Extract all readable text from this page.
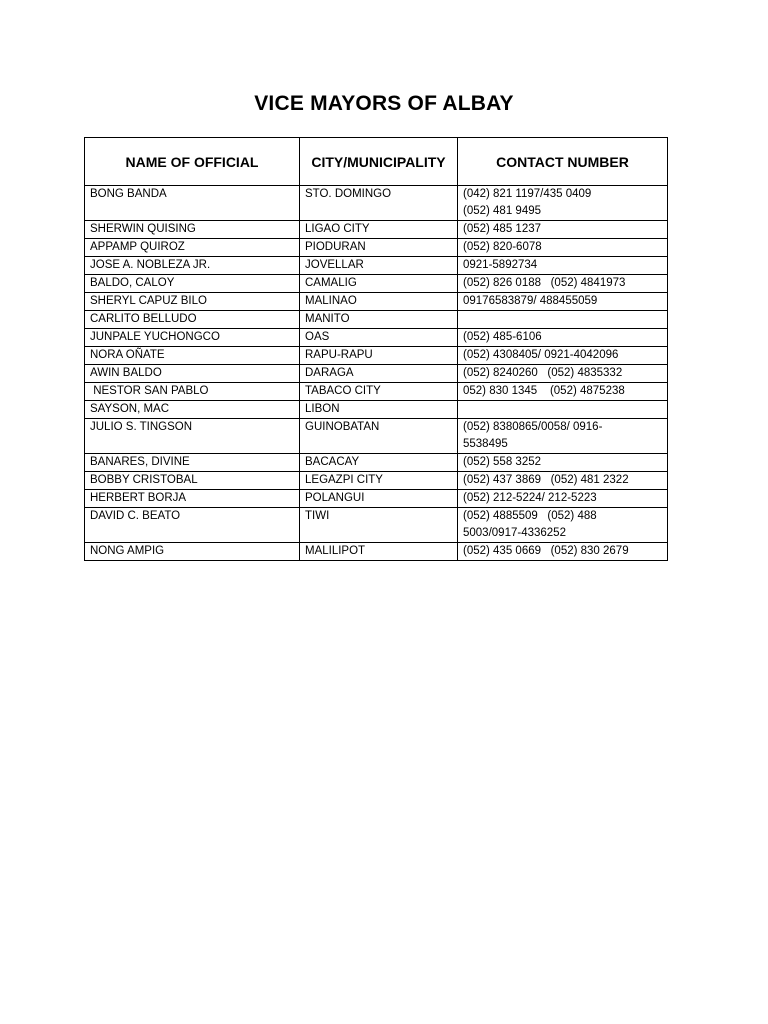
VICE MAYORS OF ALBAY
NAME OF OFFICIAL	CITY/MUNICIPALITY	CONTACT NUMBER
BONG BANDA	STO. DOMINGO	(042) 821 1197/435 0409
(052) 481 9495
SHERWIN QUISING	LIGAO CITY	(052) 485 1237
APPAMP QUIROZ	PIODURAN	(052) 820-6078
JOSE A. NOBLEZA JR.	JOVELLAR	0921-5892734
BALDO, CALOY	CAMALIG	(052) 826 0188   (052) 4841973
SHERYL CAPUZ BILO	MALINAO	09176583879/ 488455059
CARLITO BELLUDO	MANITO	
JUNPALE YUCHONGCO	OAS	(052) 485-6106
NORA OÑATE	RAPU-RAPU	(052) 4308405/ 0921-4042096
AWIN BALDO	DARAGA	(052) 8240260   (052) 4835332
NESTOR SAN PABLO	TABACO CITY	052) 830 1345    (052) 4875238
SAYSON, MAC	LIBON	
JULIO S. TINGSON	GUINOBATAN	(052) 8380865/0058/ 0916-
5538495
BANARES, DIVINE	BACACAY	(052) 558 3252
BOBBY CRISTOBAL	LEGAZPI CITY	(052) 437 3869   (052) 481 2322
HERBERT BORJA	POLANGUI	(052) 212-5224/ 212-5223
DAVID C. BEATO	TIWI	(052) 4885509   (052) 488
5003/0917-4336252
NONG AMPIG	MALILIPOT	(052) 435 0669   (052) 830 2679
